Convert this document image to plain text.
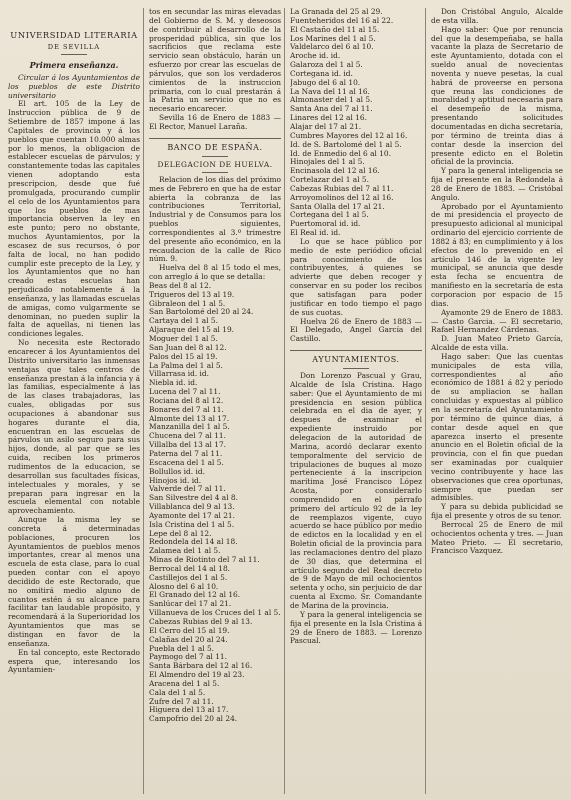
UNIVERSIDAD LITERARIA
DE SEVILLA
Primera enseñanza.

Circular á los Ayuntamientos de los pueblos de este Distrito universitario

El art. 105 de la Ley de Instruccion pública de 9 de Setiembre de 1857 impone á las Capitales de provincia y á los pueblos que cuentan 10.000 almas por lo menos, la obligacion de establecer escuelas de párvulos; y constantemente todas las capitales vienen adoptando esta prescripcion, desde que fué promulgada, procurando cumplir el celo de los Ayuntamientos para que los pueblos de mas importancia observen la ley en este punto; pero no obstante, muchos Ayuntamientos, por la escasez de sus recursos, ó por falta de local, no han podido cumplir este precepto de la Ley, y los Ayuntamientos que no han creado estas escuelas han perjudicado notablemente á la enseñanza, y las llamadas escuelas de amigas, como vulgarmente se denominan, no pueden suplir la falta de aquellas, ni tienen las condiciones legales.

No necesita este Rectorado encarecer á los Ayuntamientos del Distrito universitario las inmensas ventajas que tales centros de enseñanza prestan á la infancia y á las familias, especialmente á las de las clases trabajadoras, las cuales, obligadas por sus ocupaciones á abandonar sus hogares durante el dia, encuentran en las escuelas de párvulos un asilo seguro para sus hijos, donde, al par que se les cuida, reciben los primeros rudimentos de la educacion, se desarrollan sus facultades físicas, intelectuales y morales, y se preparan para ingresar en la escuela elemental con notable aprovechamiento.

Aunque la misma ley se concreta á determinadas poblaciones, procuren los Ayuntamientos de pueblos menos importantes, crear al menos una escuela de esta clase, para lo cual pueden contar con el apoyo decidido de este Rectorado, que no omitirá medio alguno de cuantos estén á su alcance para facilitar tan laudable propósito, y recomendará á la Superioridad los Ayuntamientos que mas se distingan en favor de la enseñanza.

En tal concepto, este Rectorado espera que, interesando los Ayuntamien-

tos en secundar las miras elevadas del Gobierno de S. M. y deseosos de contribuir al desarrollo de la prosperidad pública, sin que los sacrificios que reclama este servicio sean obstáculo, harán un esfuerzo por crear las escuelas de párvulos, que son los verdaderos cimientos de la instruccion primaria, con lo cual prestarán á la Patria un servicio que no es necesario encarecer.

Sevilla 16 de Enero de 1883 — El Rector, Manuel Laraña.

BANCO DE ESPAÑA.
DELEGACION DE HUELVA.

Relacion de los dias del próximo mes de Febrero en que ha de estar abierta la cobranza de las contribuciones Territorial, Industrial y de Consumos para los pueblos siguientes, correspondientes al 3.º trimestre del presente año económico, en la recaudacion de la calle de Rico núm. 9.

Huelva del 8 al 15 todo el mes, con arreglo á lo que se detalla:

Beas del 8 al 12.
Trigueros del 13 al 19.
Gibraleon del 1 al 5.
San Bartolomé del 20 al 24.
Cartaya del 1 al 5.
Aljaraque del 15 al 19.
Moguer del 1 al 5.
San Juan del 8 al 12.
Palos del 15 al 19.
La Palma del 1 al 5.
Villarrasa id. id.
Niebla id. id.
Lucena del 7 al 11.
Rociana del 8 al 12.
Bonares del 7 al 11.
Almonte del 13 al 17.
Manzanilla del 1 al 5.
Chucena del 7 al 11.
Villalba del 13 al 17.
Paterna del 7 al 11.
Escacena del 1 al 5.
Bollullos id. id.
Hinojos id. id.
Valverde del 7 al 11.
San Silvestre del 4 al 8.
Villablanca del 9 al 13.
Ayamonte del 17 al 21.
Isla Cristina del 1 al 5.
Lepe del 8 al 12.
Redondela del 14 al 18.
Zalamea del 1 al 5.
Minas de Riotinto del 7 al 11.
Berrocal del 14 al 18.
Castillejos del 1 al 5.
Alosno del 6 al 10.
El Granado del 12 al 16.
Sanlúcar del 17 al 21.
Villanueva de los Cruces del 1 al 5.
Cabezas Rubias del 9 al 13.
El Cerro del 15 al 19.
Calañas del 20 al 24.
Puebla del 1 al 5.
Paymogo del 7 al 11.
Santa Bárbara del 12 al 16.
El Almendro del 19 al 23.
Aracena del 1 al 5.
Cala del 1 al 5.
Zufre del 7 al 11.
Higuera del 13 al 17.
Campofrio del 20 al 24.
La Granada del 25 al 29.
Fuenteheridos del 16 al 22.
El Castaño del 11 al 15.
Los Marines del 1 al 5.
Valdelarco del 6 al 10.
Aroche id. id.
Galaroza del 1 al 5.
Cortegana id. id.
Jabugo del 6 al 10.
La Nava del 11 al 16.
Almonaster del 1 al 5.
Santa Ana del 7 al 11.
Linares del 12 al 16.
Alajar del 17 al 21.
Cumbres Mayores del 12 al 16.
Id. de S. Bartolomé del 1 al 5.
Id. de Enmedio del 6 al 10.
Hinojales del 1 al 5.
Encinasola del 12 al 16.
Cortelazar del 1 al 5.
Cabezas Rubias del 7 al 11.
Arroyomolinos del 12 al 16.
Santa Olalla del 17 al 21.
Cortegana del 1 al 5.
Puertomoral id. id.
El Real id. id.

Lo que se hace público por medio de este periódico oficial para conocimiento de los contribuyentes, á quienes se advierte que deben recoger y conservar en su poder los recibos que satisfagan para poder justificar en todo tiempo el pago de sus cuotas.

Huelva 26 de Enero de 1883 — El Delegado, Angel García del Castillo.

AYUNTAMIENTOS.

Don Lorenzo Pascual y Grau, Alcalde de Isla Cristina. Hago saber: Que el Ayuntamiento de mi presidencia en sesion pública celebrada en el dia de ayer, y despues de examinar el expediente instruido por delegacion de la autoridad de Marina, acordó declarar exento temporalmente del servicio de tripulaciones de buques al mozo perteneciente á la inscripcion marítima José Francisco López Acosta, por considerarlo comprendido en el párrafo primero del artículo 92 de la ley de reemplazos vigente, cuyo acuerdo se hace público por medio de edictos en la localidad y en el Boletin oficial de la provincia para las reclamaciones dentro del plazo de 30 dias, que determina el artículo segundo del Real decreto de 9 de Mayo de mil ochocientos setenta y ocho, sin perjuicio de dar cuenta al Excmo. Sr. Comandante de Marina de la provincia.

Y para la general inteligencia se fija el presente en la Isla Cristina á 29 de Enero de 1883. — Lorenzo Pascual.

Don Cristóbal Angulo, Alcalde de esta villa.

Hago saber: Que por renuncia del que la desempeñaba, se halla vacante la plaza de Secretario de este Ayuntamiento, dotada con el sueldo anual de novecientas noventa y nueve pesetas, la cual habrá de proveerse en persona que reuna las condiciones de moralidad y aptitud necesaria para el desempeño de la misma, presentando solicitudes documentadas en dicha secretaría, por término de treinta dias á contar desde la insercion del presente edicto en el Boletin oficial de la provincia.

Y para la general inteligencia se fija el presente en la Redondela á 28 de Enero de 1883. — Cristóbal Angulo.

Aprobado por el Ayuntamiento de mi presidencia el proyecto de presupuesto adicional al municipal ordinario del ejercicio corriente de 1882 á 83; en cumplimiento y á los efectos de lo prevenido en el artículo 146 de la vigente ley municipal, se anuncia que desde esta fecha se encuentra de manifiesto en la secretaría de esta corporacion por espacio de 15 dias.

Ayamonte 29 de Enero de 1883. — Casto Garcia. — El secretario, Rafael Hernandez Cárdenas.

D. Juan Mateo Prieto García, Alcalde de esta villa.

Hago saber: Que las cuentas municipales de esta villa, correspondientes al año económico de 1881 á 82 y periodo de su ampliacion se hallan concluidas y expuestas al público en la secretaría del Ayuntamiento por término de quince dias, á contar desde aquel en que aparezca inserto el presente anuncio en el Boletin oficial de la provincia, con el fin que puedan ser examinadas por cualquier vecino contribuyente y hace las observaciones que crea oportunas, siempre que puedan ser admisibles.

Y para su debida publicidad se fija el presente y otros de su tenor.

Berrocal 25 de Enero de mil ochocientos ochenta y tres. — Juan Mateo Prieto. — El secretario, Francisco Vazquez.
